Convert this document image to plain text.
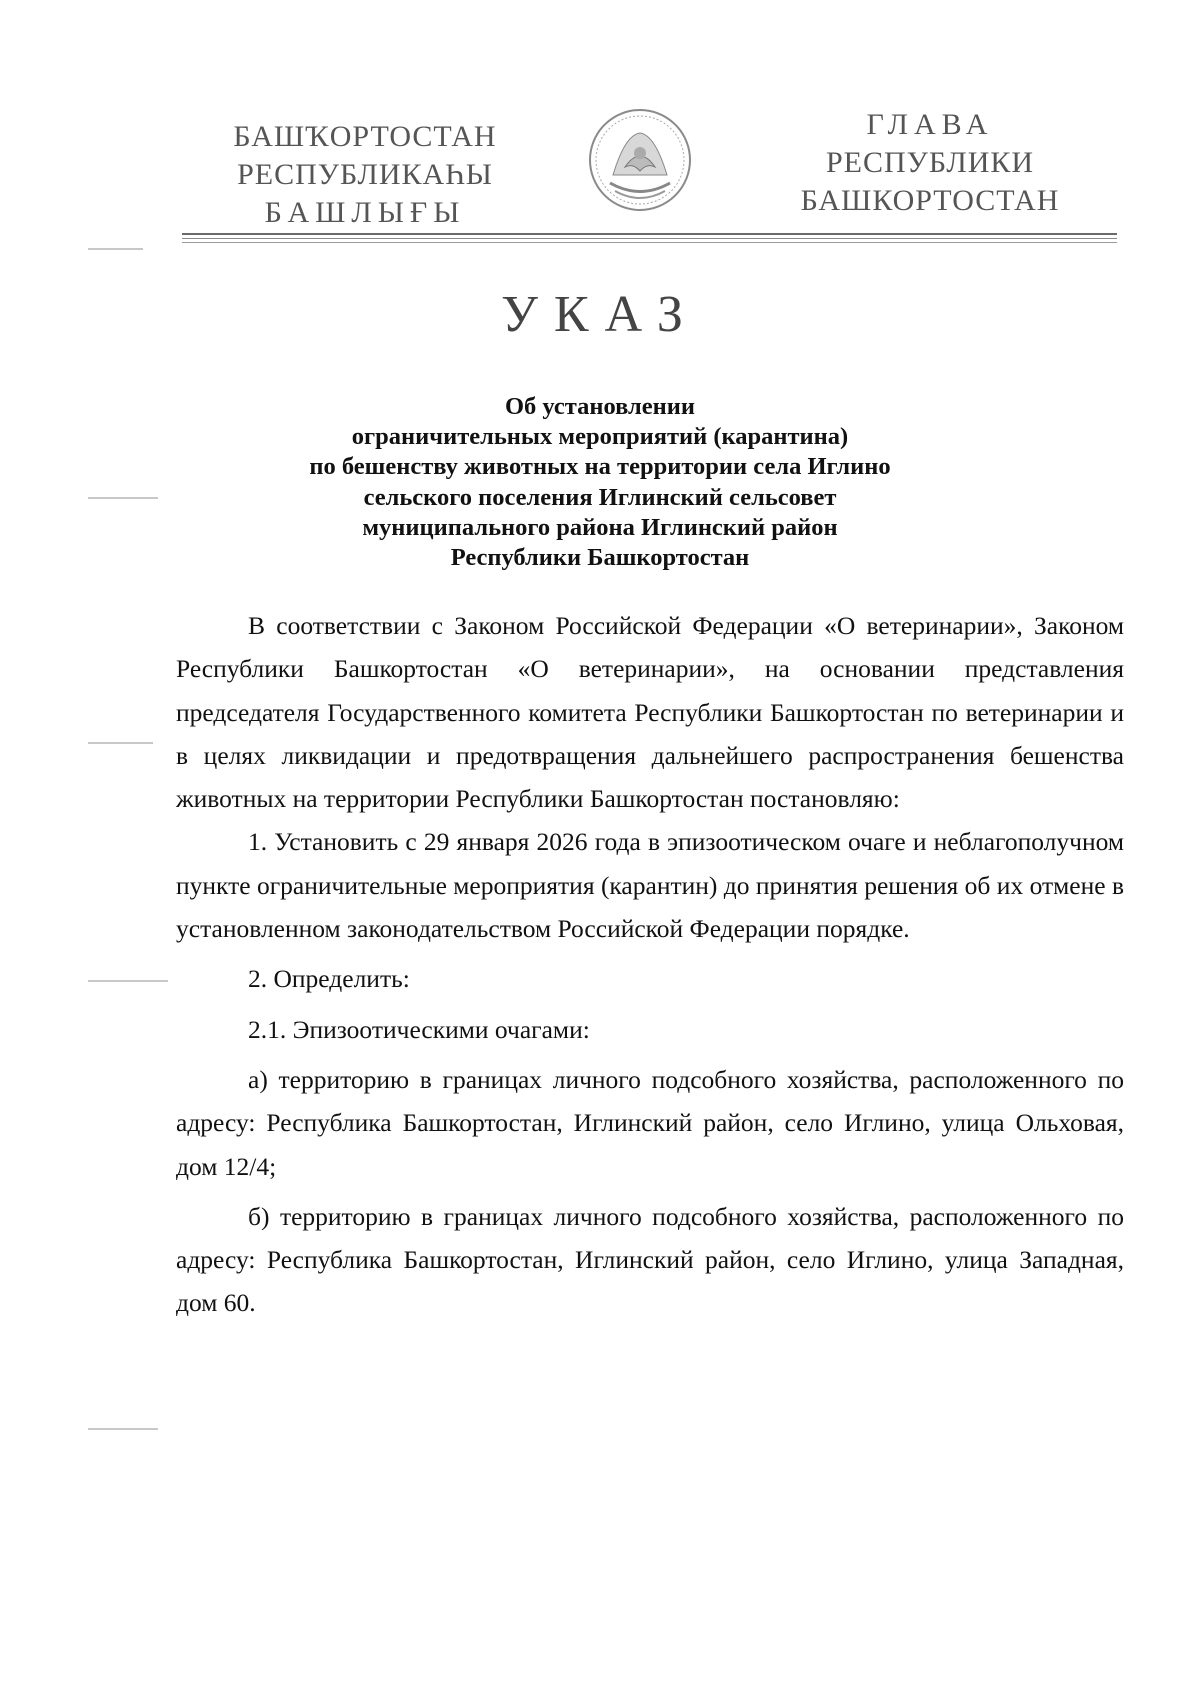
БАШҠОРТОСТАН
РЕСПУБЛИКАҺЫ
БАШЛЫҒЫ
ГЛАВА
РЕСПУБЛИКИ
БАШКОРТОСТАН
УКАЗ
Об установлении
ограничительных мероприятий (карантина)
по бешенству животных на территории села Иглино
сельского поселения Иглинский сельсовет
муниципального района Иглинский район
Республики Башкортостан

В соответствии с Законом Российской Федерации «О ветеринарии», Законом Республики Башкортостан «О ветеринарии», на основании представления председателя Государственного комитета Республики Башкортостан по ветеринарии и в целях ликвидации и предотвращения дальнейшего распространения бешенства животных на территории Республики Башкортостан постановляю:

1. Установить с 29 января 2026 года в эпизоотическом очаге и неблагополучном пункте ограничительные мероприятия (карантин) до принятия решения об их отмене в установленном законодательством Российской Федерации порядке.

2. Определить:

2.1. Эпизоотическими очагами:

а) территорию в границах личного подсобного хозяйства, расположенного по адресу: Республика Башкортостан, Иглинский район, село Иглино, улица Ольховая, дом 12/4;

б) территорию в границах личного подсобного хозяйства, расположенного по адресу: Республика Башкортостан, Иглинский район, село Иглино, улица Западная, дом 60.
